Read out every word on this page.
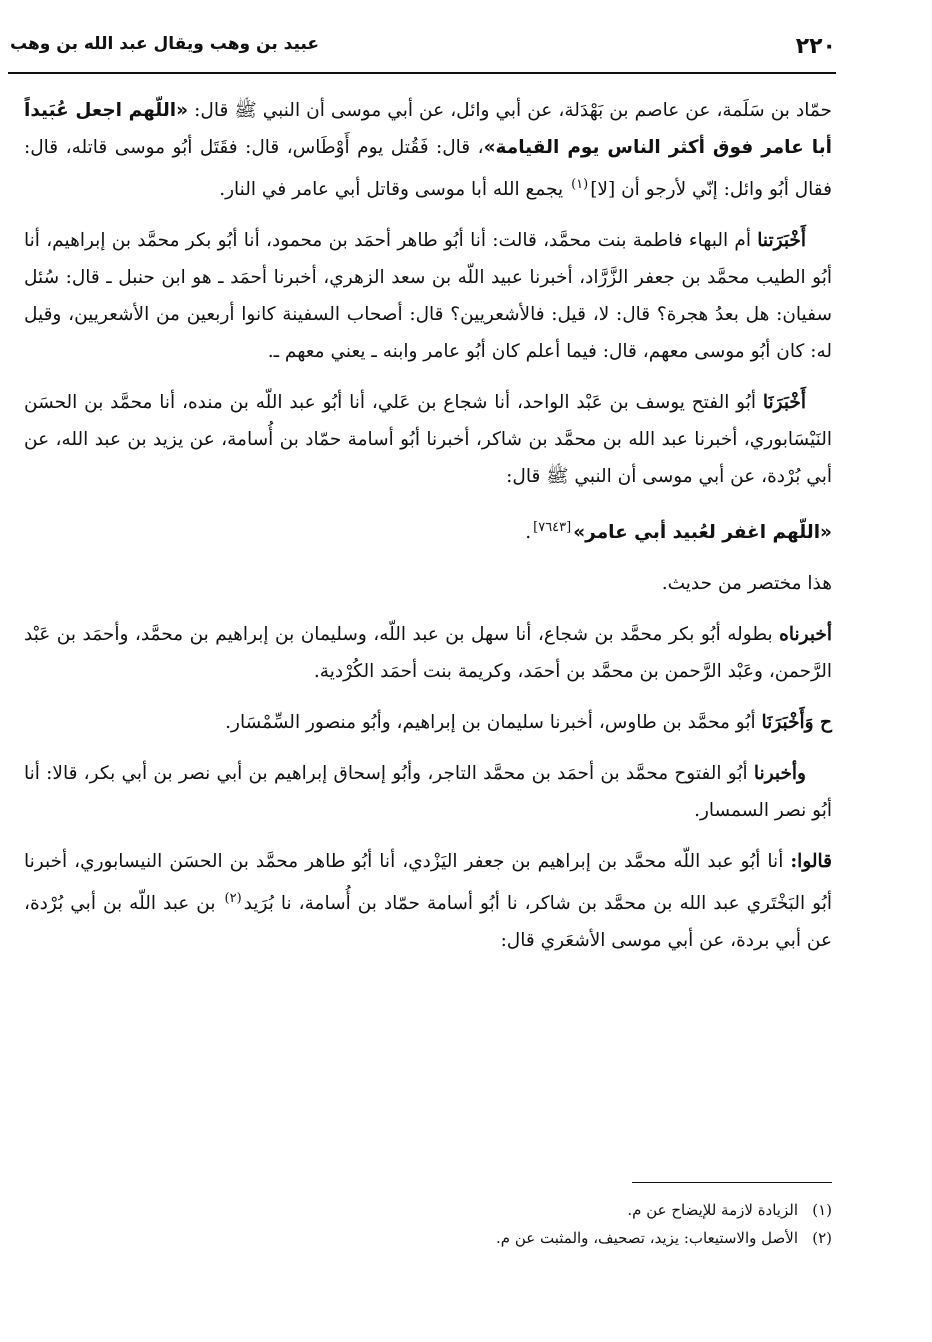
٢٢٠
عبيد بن وهب ويقال عبد الله بن وهب

حمّاد بن سَلَمة، عن عاصم بن بَهْدَلة، عن أبي وائل، عن أبي موسى أن النبي ﷺ قال: «اللّهم اجعل عُبَيداً أبا عامر فوق أكثر الناس يوم القيامة»، قال: فَقُتل يوم أَوْطَاس، قال: فقَتَل أبُو موسى قاتله، قال: فقال أبُو وائل: إنّي لأرجو أن [لا]$^{(١)}$ يجمع الله أبا موسى وقاتل أبي عامر في النار.

أَخْبَرَتنا أم البهاء فاطمة بنت محمَّد، قالت: أنا أبُو طاهر أحمَد بن محمود، أنا أبُو بكر محمَّد بن إبراهيم، أنا أبُو الطيب محمَّد بن جعفر الزَّرَّاد، أخبرنا عبيد اللّه بن سعد الزهري، أخبرنا أحمَد ـ هو ابن حنبل ـ قال: سُئل سفيان: هل بعدُ هجرة؟ قال: لا، قيل: فالأشعريين؟ قال: أصحاب السفينة كانوا أربعين من الأشعريين، وقيل له: كان أبُو موسى معهم، قال: فيما أعلم كان أبُو عامر وابنه ـ يعني معهم ـ.

أَخْبَرَنَا أبُو الفتح يوسف بن عَبْد الواحد، أنا شجاع بن عَلي، أنا أبُو عبد اللّه بن منده، أنا محمَّد بن الحسَن النَيْسَابوري، أخبرنا عبد الله بن محمَّد بن شاكر، أخبرنا أبُو أسامة حمّاد بن أُسامة، عن يزيد بن عبد الله، عن أبي بُرْدة، عن أبي موسى أن النبي ﷺ قال:

«اللّهم اغفر لعُبيد أبي عامر»[٧٦٤٣].

هذا مختصر من حديث.

أخبرناه بطوله أبُو بكر محمَّد بن شجاع، أنا سهل بن عبد اللّه، وسليمان بن إبراهيم بن محمَّد، وأحمَد بن عَبْد الرَّحمن، وعَبْد الرَّحمن بن محمَّد بن أحمَد، وكريمة بنت أحمَد الكُرْدية.

ح وَأَخْبَرَنَا أبُو محمَّد بن طاوس، أخبرنا سليمان بن إبراهيم، وأبُو منصور السِّمْسَار.

وأخبرنا أبُو الفتوح محمَّد بن أحمَد بن محمَّد التاجر، وأبُو إسحاق إبراهيم بن أبي نصر بن أبي بكر، قالا: أنا أبُو نصر السمسار.

قالوا: أنا أبُو عبد اللّه محمَّد بن إبراهيم بن جعفر اليَزْدي، أنا أبُو طاهر محمَّد بن الحسَن النيسابوري، أخبرنا أبُو البَخْتَري عبد الله بن محمَّد بن شاكر، نا أبُو أسامة حمّاد بن أُسامة، نا بُرَيد$^{(٢)}$ بن عبد اللّه بن أبي بُرْدة، عن أبي بردة، عن أبي موسى الأشعَري قال:

(١)الزيادة لازمة للإيضاح عن م.

(٢)الأصل والاستيعاب: يزيد، تصحيف، والمثبت عن م.
